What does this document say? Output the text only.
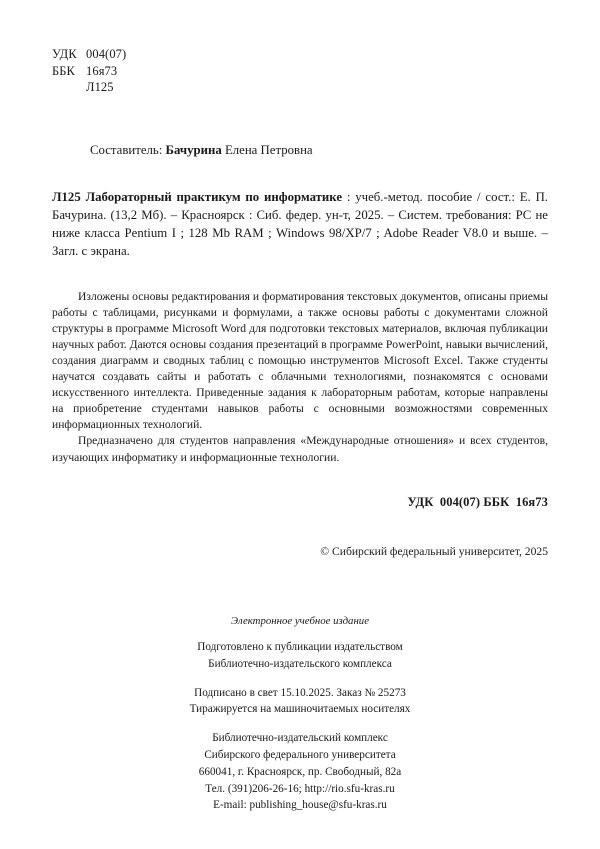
УДК 004(07)
ББК 16я73
Л125
Составитель: Бачурина Елена Петровна
Л125 Лабораторный практикум по информатике : учеб.-метод. пособие / сост.: Е. П. Бачурина. (13,2 Мб). – Красноярск : Сиб. федер. ун-т, 2025. – Систем. требования: PC не ниже класса Pentium I ; 128 Mb RAM ; Windows 98/XP/7 ; Adobe Reader V8.0 и выше. – Загл. с экрана.

Изложены основы редактирования и форматирования текстовых документов, описаны приемы работы с таблицами, рисунками и формулами, а также основы работы с документами сложной структуры в программе Microsoft Word для подготовки текстовых материалов, включая публикации научных работ. Даются основы создания презентаций в программе PowerPoint, навыки вычислений, создания диаграмм и сводных таблиц с помощью инструментов Microsoft Excel. Также студенты научатся создавать сайты и работать с облачными технологиями, познакомятся с основами искусственного интеллекта. Приведенные задания к лабораторным работам, которые направлены на приобретение студентами навыков работы с основными возможностями современных информационных технологий.

Предназначено для студентов направления «Международные отношения» и всех студентов, изучающих информатику и информационные технологии.

УДК  004(07) ББК  16я73
© Сибирский федеральный университет, 2025
Электронное учебное издание
Подготовлено к публикации издательством
Библиотечно-издательского комплекса
Подписано в свет 15.10.2025. Заказ № 25273
Тиражируется на машиночитаемых носителях
Библиотечно-издательский комплекс
Сибирского федерального университета
660041, г. Красноярск, пр. Свободный, 82а
Тел. (391)206-26-16; http://rio.sfu-kras.ru
E-mail: publishing_house@sfu-kras.ru
